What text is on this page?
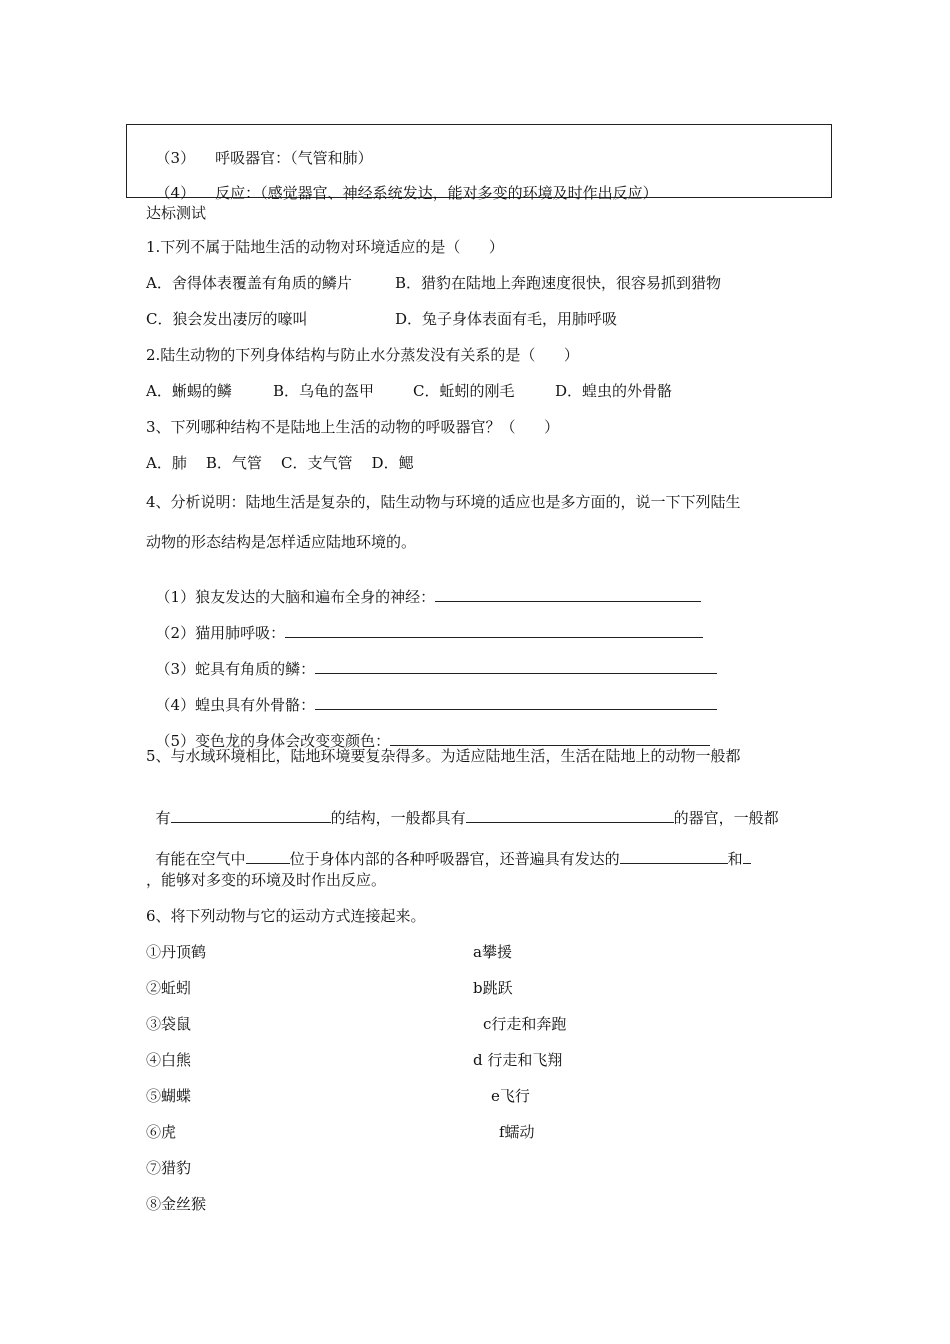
（3） 呼吸器官：（气管和肺）

（4） 反应：（感觉器官、神经系统发达，能对多变的环境及时作出反应）

达标测试
1.下列不属于陆地生活的动物对环境适应的是（      ）
A．舍得体表覆盖有角质的鳞片	B．猎豹在陆地上奔跑速度很快，很容易抓到猎物
C．狼会发出凄厉的嚎叫	D．兔子身体表面有毛，用肺呼吸
2.陆生动物的下列身体结构与防止水分蒸发没有关系的是（      ）
A．蜥蜴的鳞	B．乌龟的盔甲	C．蚯蚓的刚毛	D．蝗虫的外骨骼
3、下列哪种结构不是陆地上生活的动物的呼吸器官？（      ）
A．肺    B．气管    C．支气管    D．鳃
4、分析说明：陆地生活是复杂的，陆生动物与环境的适应也是多方面的，说一下下列陆生
动物的形态结构是怎样适应陆地环境的。

（1）狼友发达的大脑和遍布全身的神经：

（2）猫用肺呼吸：

（3）蛇具有角质的鳞：

（4）蝗虫具有外骨骼：

（5）变色龙的身体会改变变颜色：

5、与水域环境相比，陆地环境要复杂得多。为适应陆地生活，生活在陆地上的动物一般都

有	的结构，一般都具有	的器官，一般都

有能在空气中	位于身体内部的各种呼吸器官，还普遍具有发达的	和

，能够对多变的环境及时作出反应。
6、将下列动物与它的运动方式连接起来。
①丹顶鹤
②蚯蚓
③袋鼠
④白熊
⑤蝴蝶
⑥虎
⑦猎豹
⑧金丝猴
a攀援
b跳跃
c行走和奔跑
d 行走和飞翔
e飞行
f蠕动
